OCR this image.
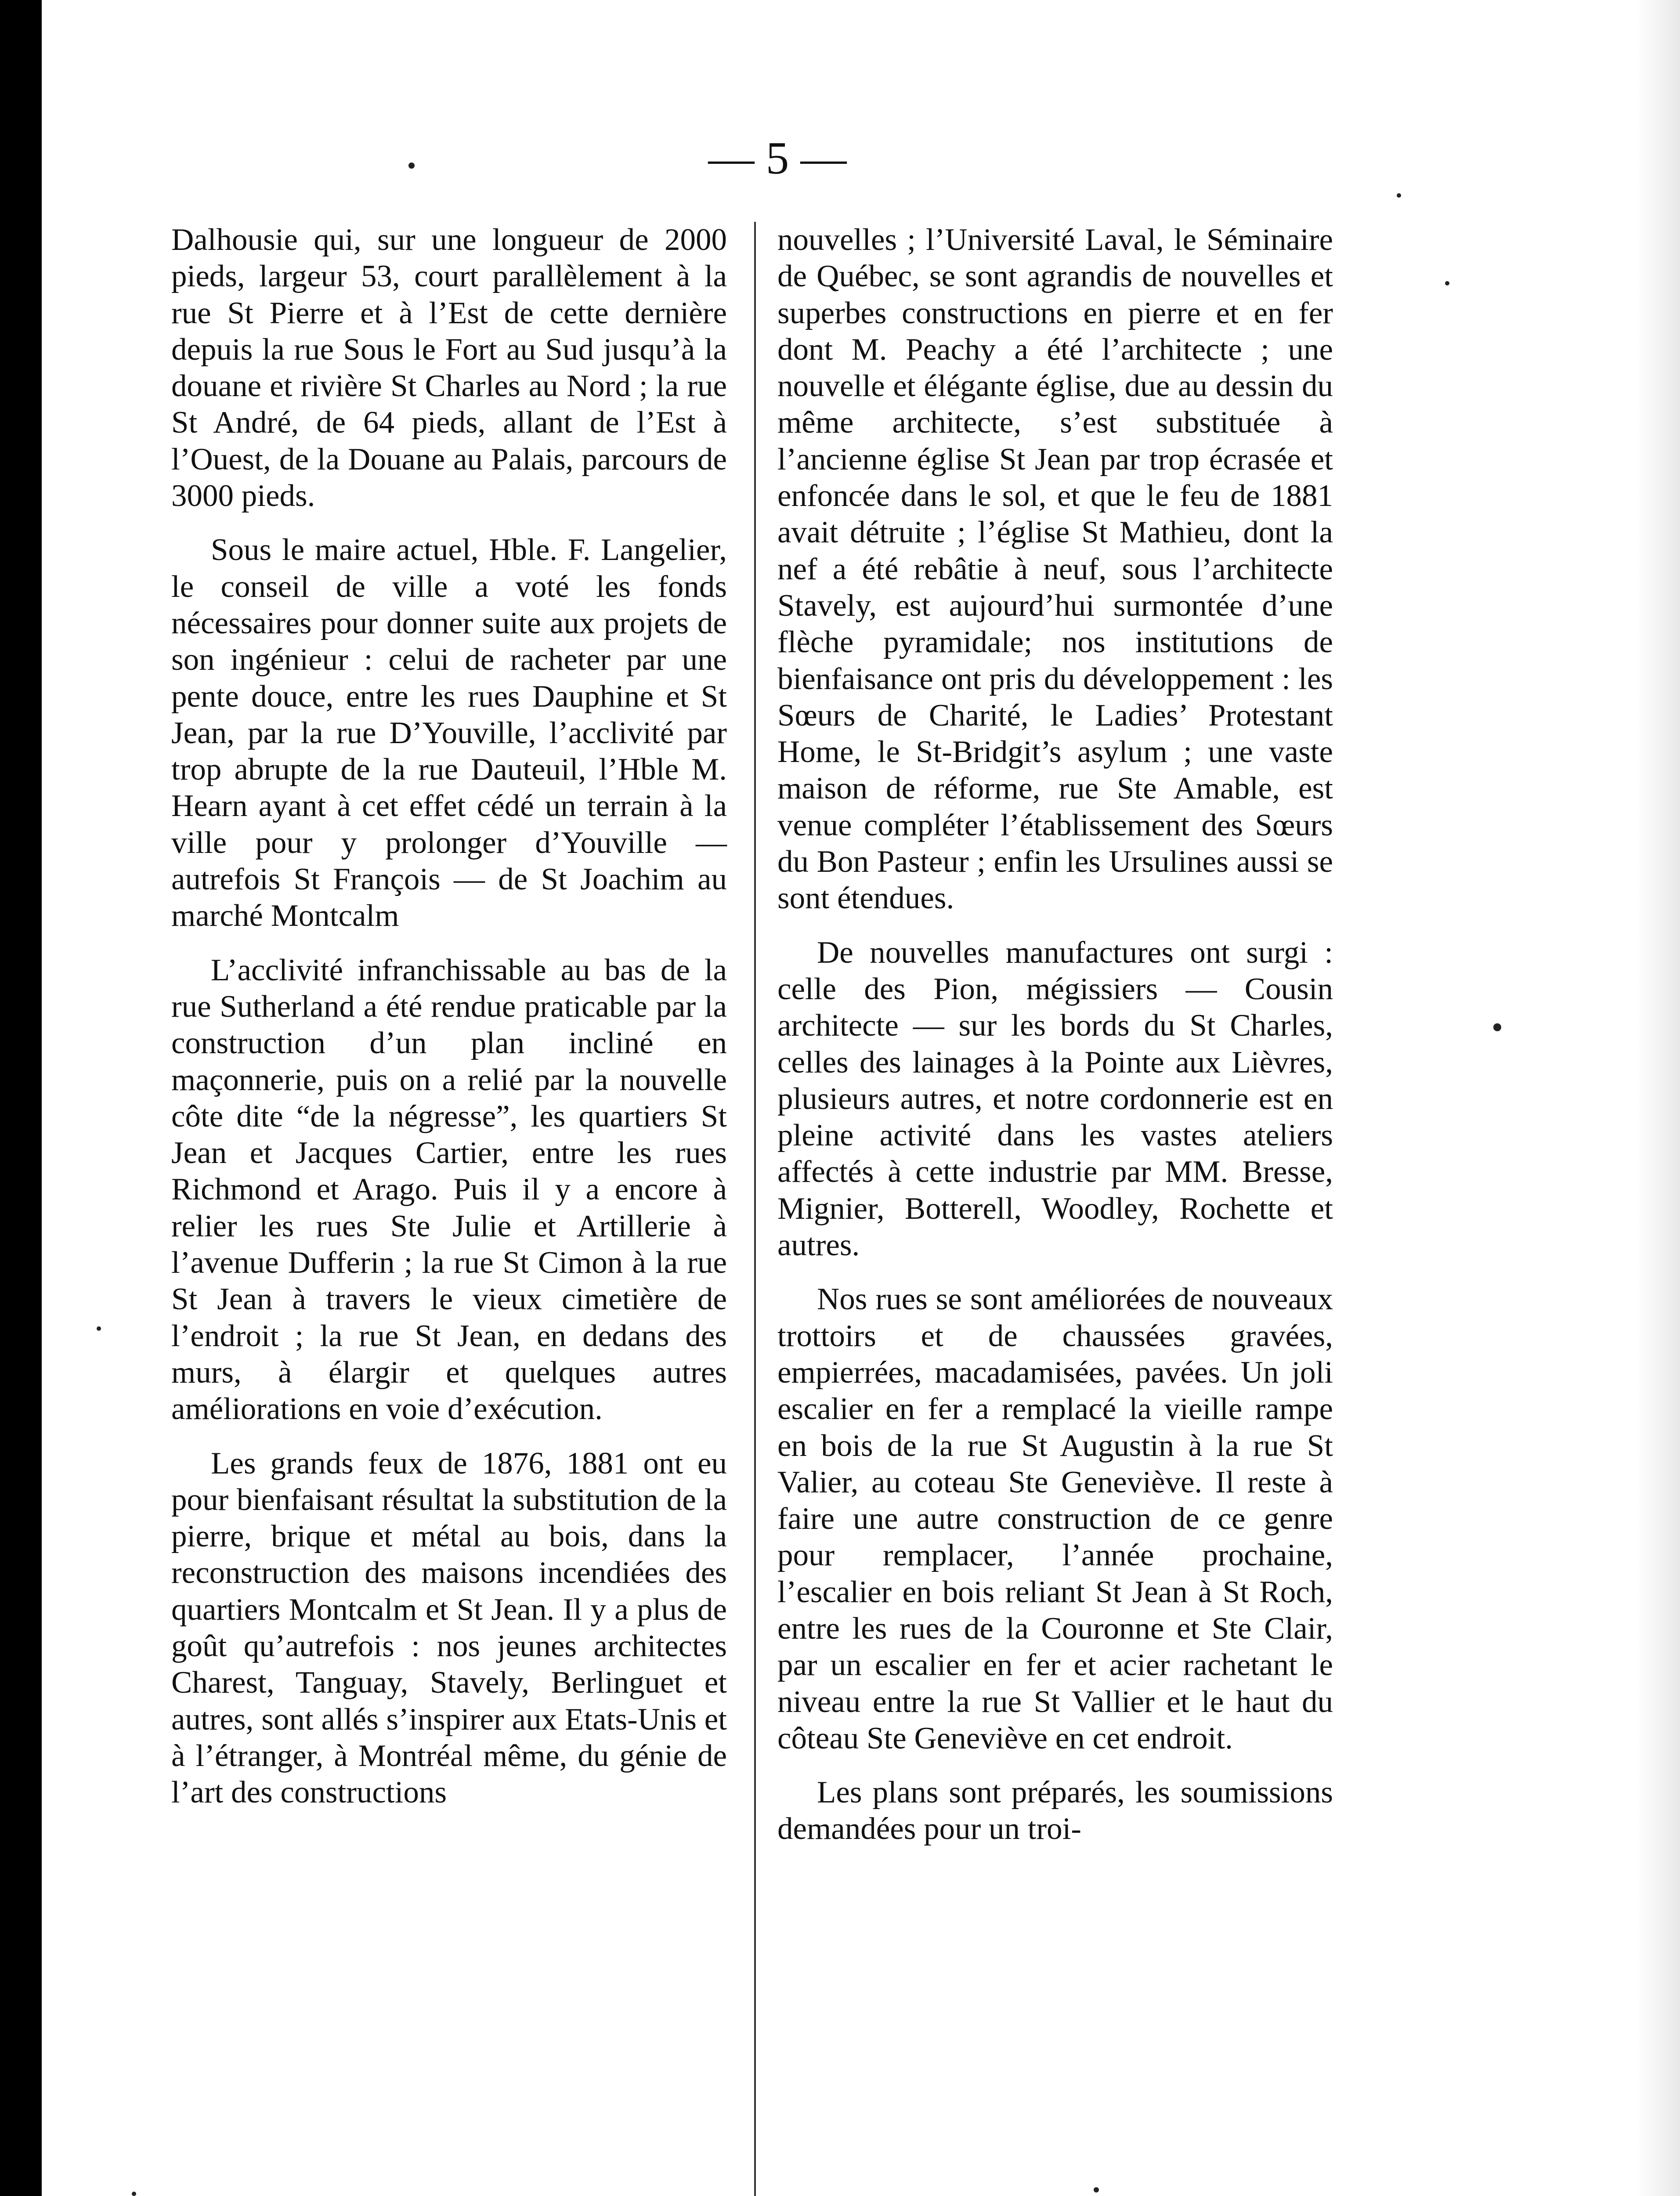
— 5 —

Dalhousie qui, sur une longueur de 2000 pieds, largeur 53, court parallèlement à la rue St Pierre et à l’Est de cette dernière depuis la rue Sous le Fort au Sud jusqu’à la douane et rivière St Charles au Nord ; la rue St André, de 64 pieds, allant de l’Est à l’Ouest, de la Douane au Palais, parcours de 3000 pieds.

Sous le maire actuel, Hble. F. Langelier, le conseil de ville a voté les fonds nécessaires pour donner suite aux projets de son ingénieur : celui de racheter par une pente douce, entre les rues Dauphine et St Jean, par la rue D’Youville, l’acclivité par trop abrupte de la rue Dauteuil, l’Hble M. Hearn ayant à cet effet cédé un terrain à la ville pour y prolonger d’Youville — autrefois St François — de St Joachim au marché Montcalm

L’acclivité infranchissable au bas de la rue Sutherland a été rendue praticable par la construction d’un plan incliné en maçonnerie, puis on a relié par la nouvelle côte dite “de la négresse”, les quartiers St Jean et Jacques Cartier, entre les rues Richmond et Arago. Puis il y a encore à relier les rues Ste Julie et Artillerie à l’avenue Dufferin ; la rue St Cimon à la rue St Jean à travers le vieux cimetière de l’endroit ; la rue St Jean, en dedans des murs, à élargir et quelques autres améliorations en voie d’exécution.

Les grands feux de 1876, 1881 ont eu pour bienfaisant résultat la substitution de la pierre, brique et métal au bois, dans la reconstruction des maisons incendiées des quartiers Montcalm et St Jean. Il y a plus de goût qu’autrefois : nos jeunes architectes Charest, Tanguay, Stavely, Berlinguet et autres, sont allés s’inspirer aux Etats-Unis et à l’étranger, à Montréal même, du génie de l’art des constructions

nouvelles ; l’Université Laval, le Séminaire de Québec, se sont agrandis de nouvelles et superbes constructions en pierre et en fer dont M. Peachy a été l’architecte ; une nouvelle et élégante église, due au dessin du même architecte, s’est substituée à l’ancienne église St Jean par trop écrasée et enfoncée dans le sol, et que le feu de 1881 avait détruite ; l’église St Mathieu, dont la nef a été rebâtie à neuf, sous l’architecte Stavely, est aujourd’hui surmontée d’une flèche pyramidale; nos institutions de bienfaisance ont pris du développement : les Sœurs de Charité, le Ladies’ Protestant Home, le St-Bridgit’s asylum ; une vaste maison de réforme, rue Ste Amable, est venue compléter l’établissement des Sœurs du Bon Pasteur ; enfin les Ursulines aussi se sont étendues.

De nouvelles manufactures ont surgi : celle des Pion, mégissiers — Cousin architecte — sur les bords du St Charles, celles des lainages à la Pointe aux Lièvres, plusieurs autres, et notre cordonnerie est en pleine activité dans les vastes ateliers affectés à cette industrie par MM. Bresse, Mignier, Botterell, Woodley, Rochette et autres.

Nos rues se sont améliorées de nouveaux trottoirs et de chaussées gravées, empierrées, macadamisées, pavées. Un joli escalier en fer a remplacé la vieille rampe en bois de la rue St Augustin à la rue St Valier, au coteau Ste Geneviève. Il reste à faire une autre construction de ce genre pour remplacer, l’année prochaine, l’escalier en bois reliant St Jean à St Roch, entre les rues de la Couronne et Ste Clair, par un escalier en fer et acier rachetant le niveau entre la rue St Vallier et le haut du côteau Ste Geneviève en cet endroit.

Les plans sont préparés, les soumissions demandées pour un troi-
